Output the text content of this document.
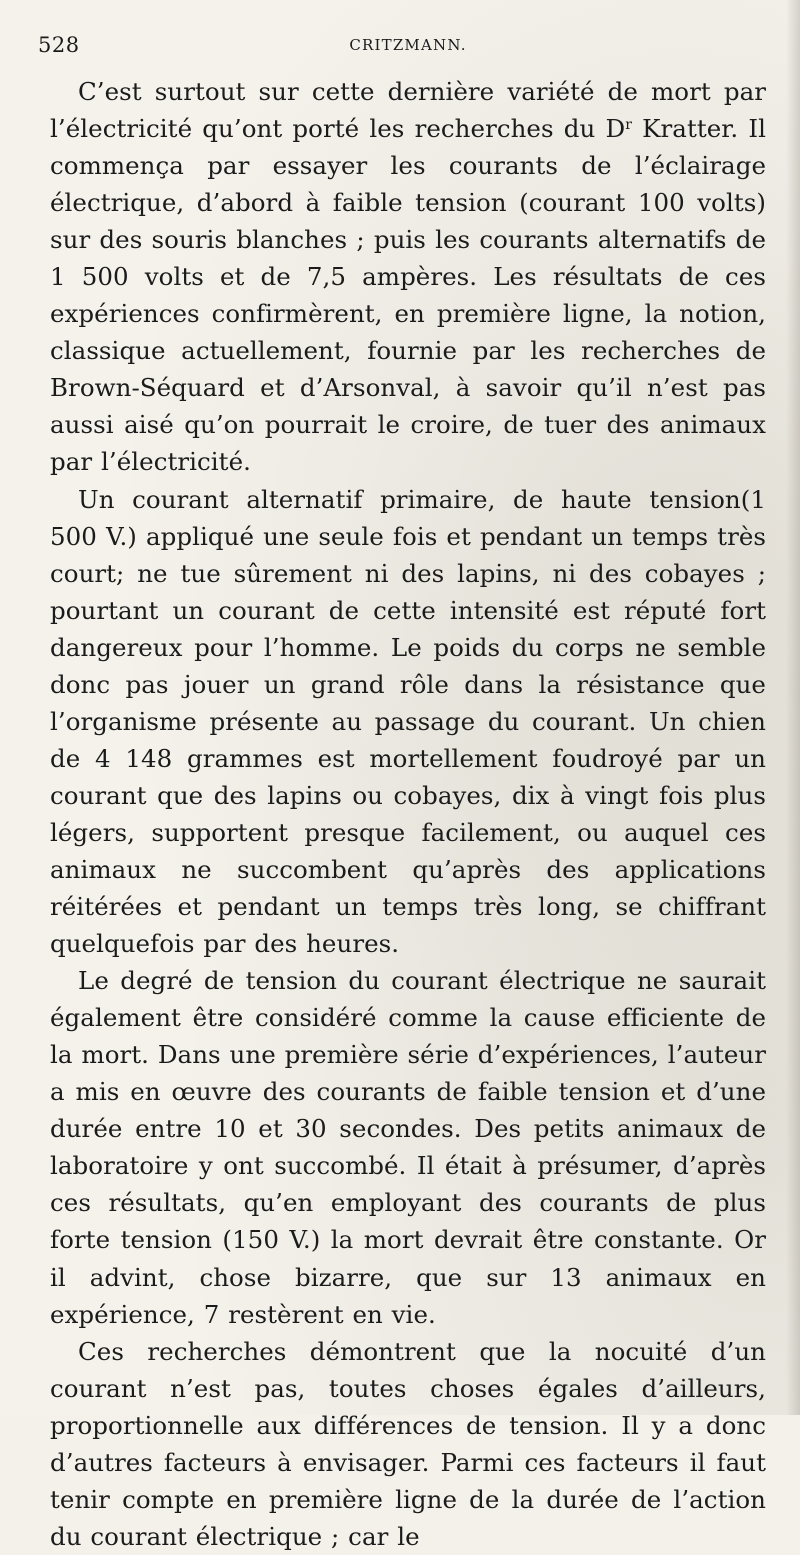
528	CRITZMANN.

C’est surtout sur cette dernière variété de mort par l’électricité qu’ont porté les recherches du $D^r$ Kratter. Il commença par essayer les courants de l’éclairage électrique, d’abord à faible tension (courant 100 volts) sur des souris blanches ; puis les courants alternatifs de 1 500 volts et de 7,5 ampères. Les résultats de ces expériences confirmèrent, en première ligne, la notion, classique actuellement, fournie par les recherches de Brown-Séquard et d’Arsonval, à savoir qu’il n’est pas aussi aisé qu’on pourrait le croire, de tuer des animaux par l’électricité.

Un courant alternatif primaire, de haute tension(1 500 V.) appliqué une seule fois et pendant un temps très court; ne tue sûrement ni des lapins, ni des cobayes ; pourtant un courant de cette intensité est réputé fort dangereux pour l’homme. Le poids du corps ne semble donc pas jouer un grand rôle dans la résistance que l’organisme présente au passage du courant. Un chien de 4 148 grammes est mortellement foudroyé par un courant que des lapins ou cobayes, dix à vingt fois plus légers, supportent presque facilement, ou auquel ces animaux ne succombent qu’après des applications réitérées et pendant un temps très long, se chiffrant quelquefois par des heures.

Le degré de tension du courant électrique ne saurait également être considéré comme la cause efficiente de la mort. Dans une première série d’expériences, l’auteur a mis en œuvre des courants de faible tension et d’une durée entre 10 et 30 secondes. Des petits animaux de laboratoire y ont succombé. Il était à présumer, d’après ces résultats, qu’en employant des courants de plus forte tension (150 V.) la mort devrait être constante. Or il advint, chose bizarre, que sur 13 animaux en expérience, 7 restèrent en vie.

Ces recherches démontrent que la nocuité d’un courant n’est pas, toutes choses égales d’ailleurs, proportionnelle aux différences de tension. Il y a donc d’autres facteurs à envisager. Parmi ces facteurs il faut tenir compte en première ligne de la durée de l’action du courant électrique ; car le
